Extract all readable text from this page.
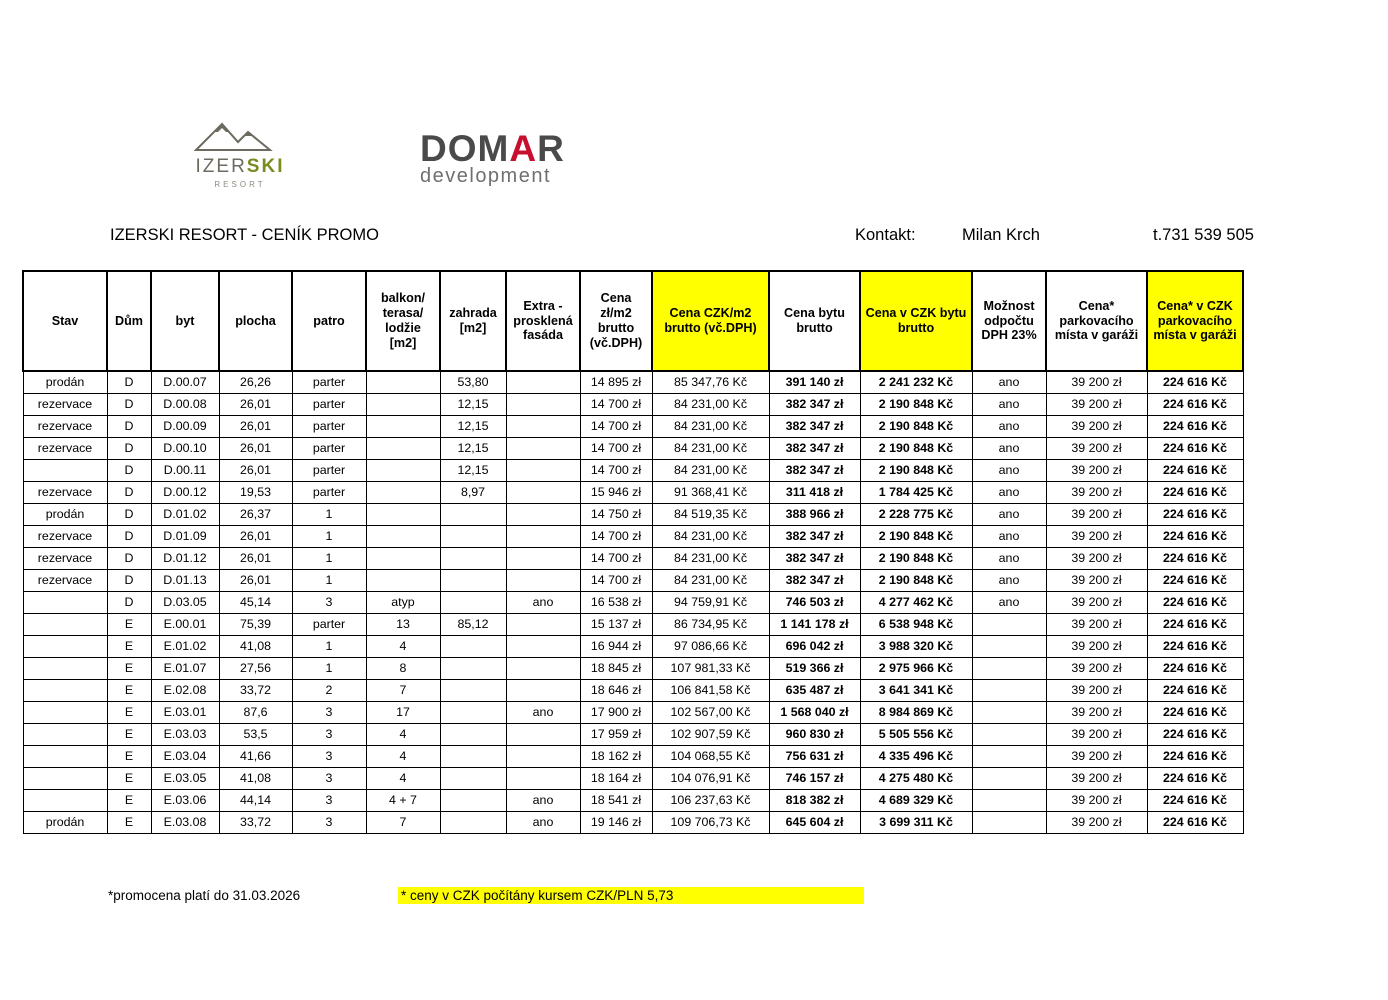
IZERSKI
RESORT
DOMAR
development
IZERSKI RESORT - CENÍK PROMO	Kontakt:	Milan Krch	t.731 539 505
Stav	Dům	byt	plocha	patro	balkon/ terasa/ lodžie [m2]	zahrada [m2]	Extra - prosklená fasáda	Cena zł/m2 brutto (vč.DPH)	Cena CZK/m2 brutto (vč.DPH)	Cena bytu brutto	Cena v CZK bytu brutto	Možnost odpočtu DPH 23%	Cena* parkovacího místa v garáži	Cena* v CZK parkovacího místa v garáži
prodán	D	D.00.07	26,26	parter		53,80		14 895 zł	85 347,76 Kč	391 140 zł	2 241 232 Kč	ano	39 200 zł	224 616 Kč
rezervace	D	D.00.08	26,01	parter		12,15		14 700 zł	84 231,00 Kč	382 347 zł	2 190 848 Kč	ano	39 200 zł	224 616 Kč
rezervace	D	D.00.09	26,01	parter		12,15		14 700 zł	84 231,00 Kč	382 347 zł	2 190 848 Kč	ano	39 200 zł	224 616 Kč
rezervace	D	D.00.10	26,01	parter		12,15		14 700 zł	84 231,00 Kč	382 347 zł	2 190 848 Kč	ano	39 200 zł	224 616 Kč
	D	D.00.11	26,01	parter		12,15		14 700 zł	84 231,00 Kč	382 347 zł	2 190 848 Kč	ano	39 200 zł	224 616 Kč
rezervace	D	D.00.12	19,53	parter		8,97		15 946 zł	91 368,41 Kč	311 418 zł	1 784 425 Kč	ano	39 200 zł	224 616 Kč
prodán	D	D.01.02	26,37	1				14 750 zł	84 519,35 Kč	388 966 zł	2 228 775 Kč	ano	39 200 zł	224 616 Kč
rezervace	D	D.01.09	26,01	1				14 700 zł	84 231,00 Kč	382 347 zł	2 190 848 Kč	ano	39 200 zł	224 616 Kč
rezervace	D	D.01.12	26,01	1				14 700 zł	84 231,00 Kč	382 347 zł	2 190 848 Kč	ano	39 200 zł	224 616 Kč
rezervace	D	D.01.13	26,01	1				14 700 zł	84 231,00 Kč	382 347 zł	2 190 848 Kč	ano	39 200 zł	224 616 Kč
	D	D.03.05	45,14	3	atyp		ano	16 538 zł	94 759,91 Kč	746 503 zł	4 277 462 Kč	ano	39 200 zł	224 616 Kč
	E	E.00.01	75,39	parter	13	85,12		15 137 zł	86 734,95 Kč	1 141 178 zł	6 538 948 Kč		39 200 zł	224 616 Kč
	E	E.01.02	41,08	1	4			16 944 zł	97 086,66 Kč	696 042 zł	3 988 320 Kč		39 200 zł	224 616 Kč
	E	E.01.07	27,56	1	8			18 845 zł	107 981,33 Kč	519 366 zł	2 975 966 Kč		39 200 zł	224 616 Kč
	E	E.02.08	33,72	2	7			18 646 zł	106 841,58 Kč	635 487 zł	3 641 341 Kč		39 200 zł	224 616 Kč
	E	E.03.01	87,6	3	17		ano	17 900 zł	102 567,00 Kč	1 568 040 zł	8 984 869 Kč		39 200 zł	224 616 Kč
	E	E.03.03	53,5	3	4			17 959 zł	102 907,59 Kč	960 830 zł	5 505 556 Kč		39 200 zł	224 616 Kč
	E	E.03.04	41,66	3	4			18 162 zł	104 068,55 Kč	756 631 zł	4 335 496 Kč		39 200 zł	224 616 Kč
	E	E.03.05	41,08	3	4			18 164 zł	104 076,91 Kč	746 157 zł	4 275 480 Kč		39 200 zł	224 616 Kč
	E	E.03.06	44,14	3	4 + 7		ano	18 541 zł	106 237,63 Kč	818 382 zł	4 689 329 Kč		39 200 zł	224 616 Kč
prodán	E	E.03.08	33,72	3	7		ano	19 146 zł	109 706,73 Kč	645 604 zł	3 699 311 Kč		39 200 zł	224 616 Kč
*promocena platí do 31.03.2026	* ceny v CZK počítány kursem CZK/PLN 5,73
